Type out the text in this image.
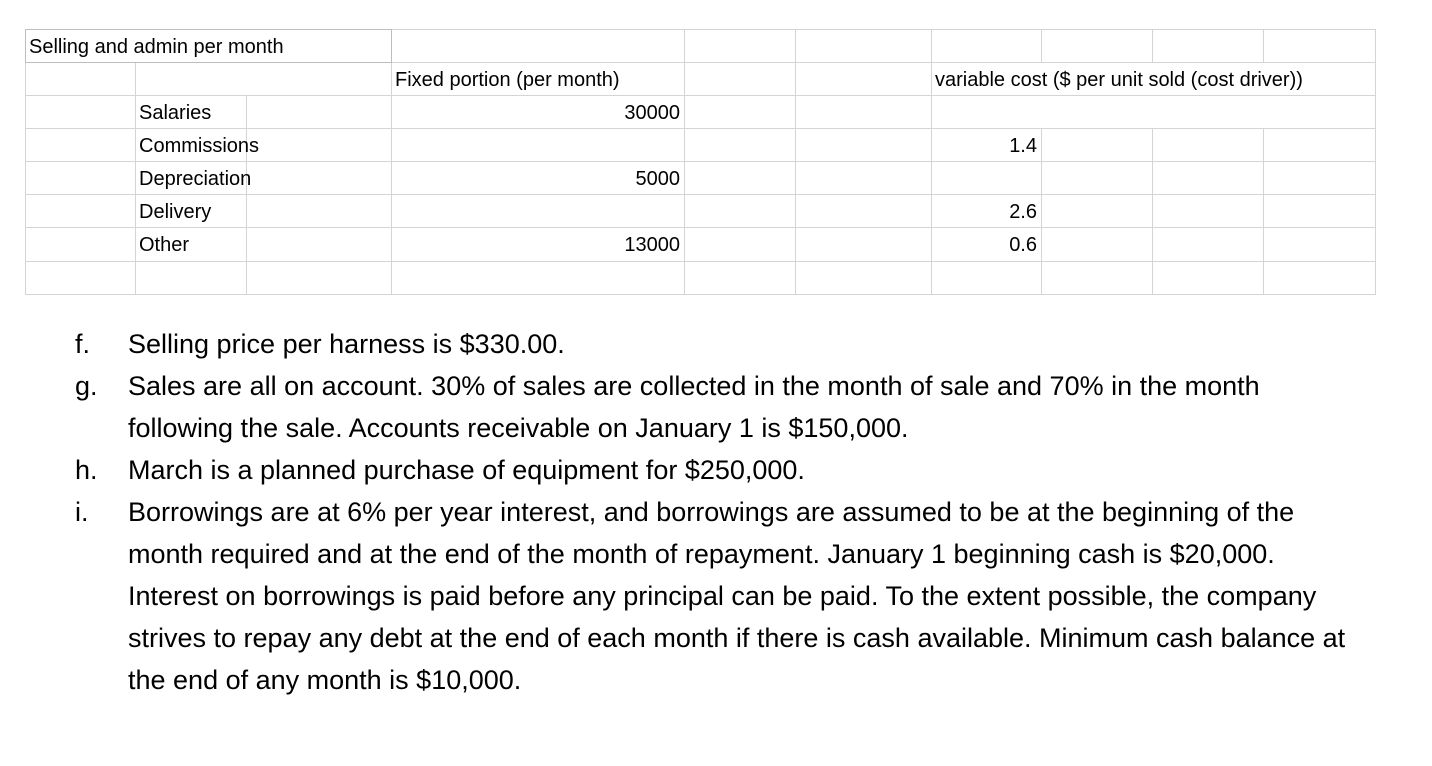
Selling and admin per month
Fixed portion (per month)	variable cost ($ per unit sold (cost driver))
Salaries
Commissions
Depreciation
Delivery
Other
30000
5000
13000
1.4
2.6
0.6
f. Selling price per harness is $330.00.
g. Sales are all on account. 30% of sales are collected in the month of sale and 70% in the month following the sale. Accounts receivable on January 1 is $150,000.
h. March is a planned purchase of equipment for $250,000.
i. Borrowings are at 6% per year interest, and borrowings are assumed to be at the beginning of the month required and at the end of the month of repayment. January 1 beginning cash is $20,000. Interest on borrowings is paid before any principal can be paid. To the extent possible, the company strives to repay any debt at the end of each month if there is cash available. Minimum cash balance at the end of any month is $10,000.
